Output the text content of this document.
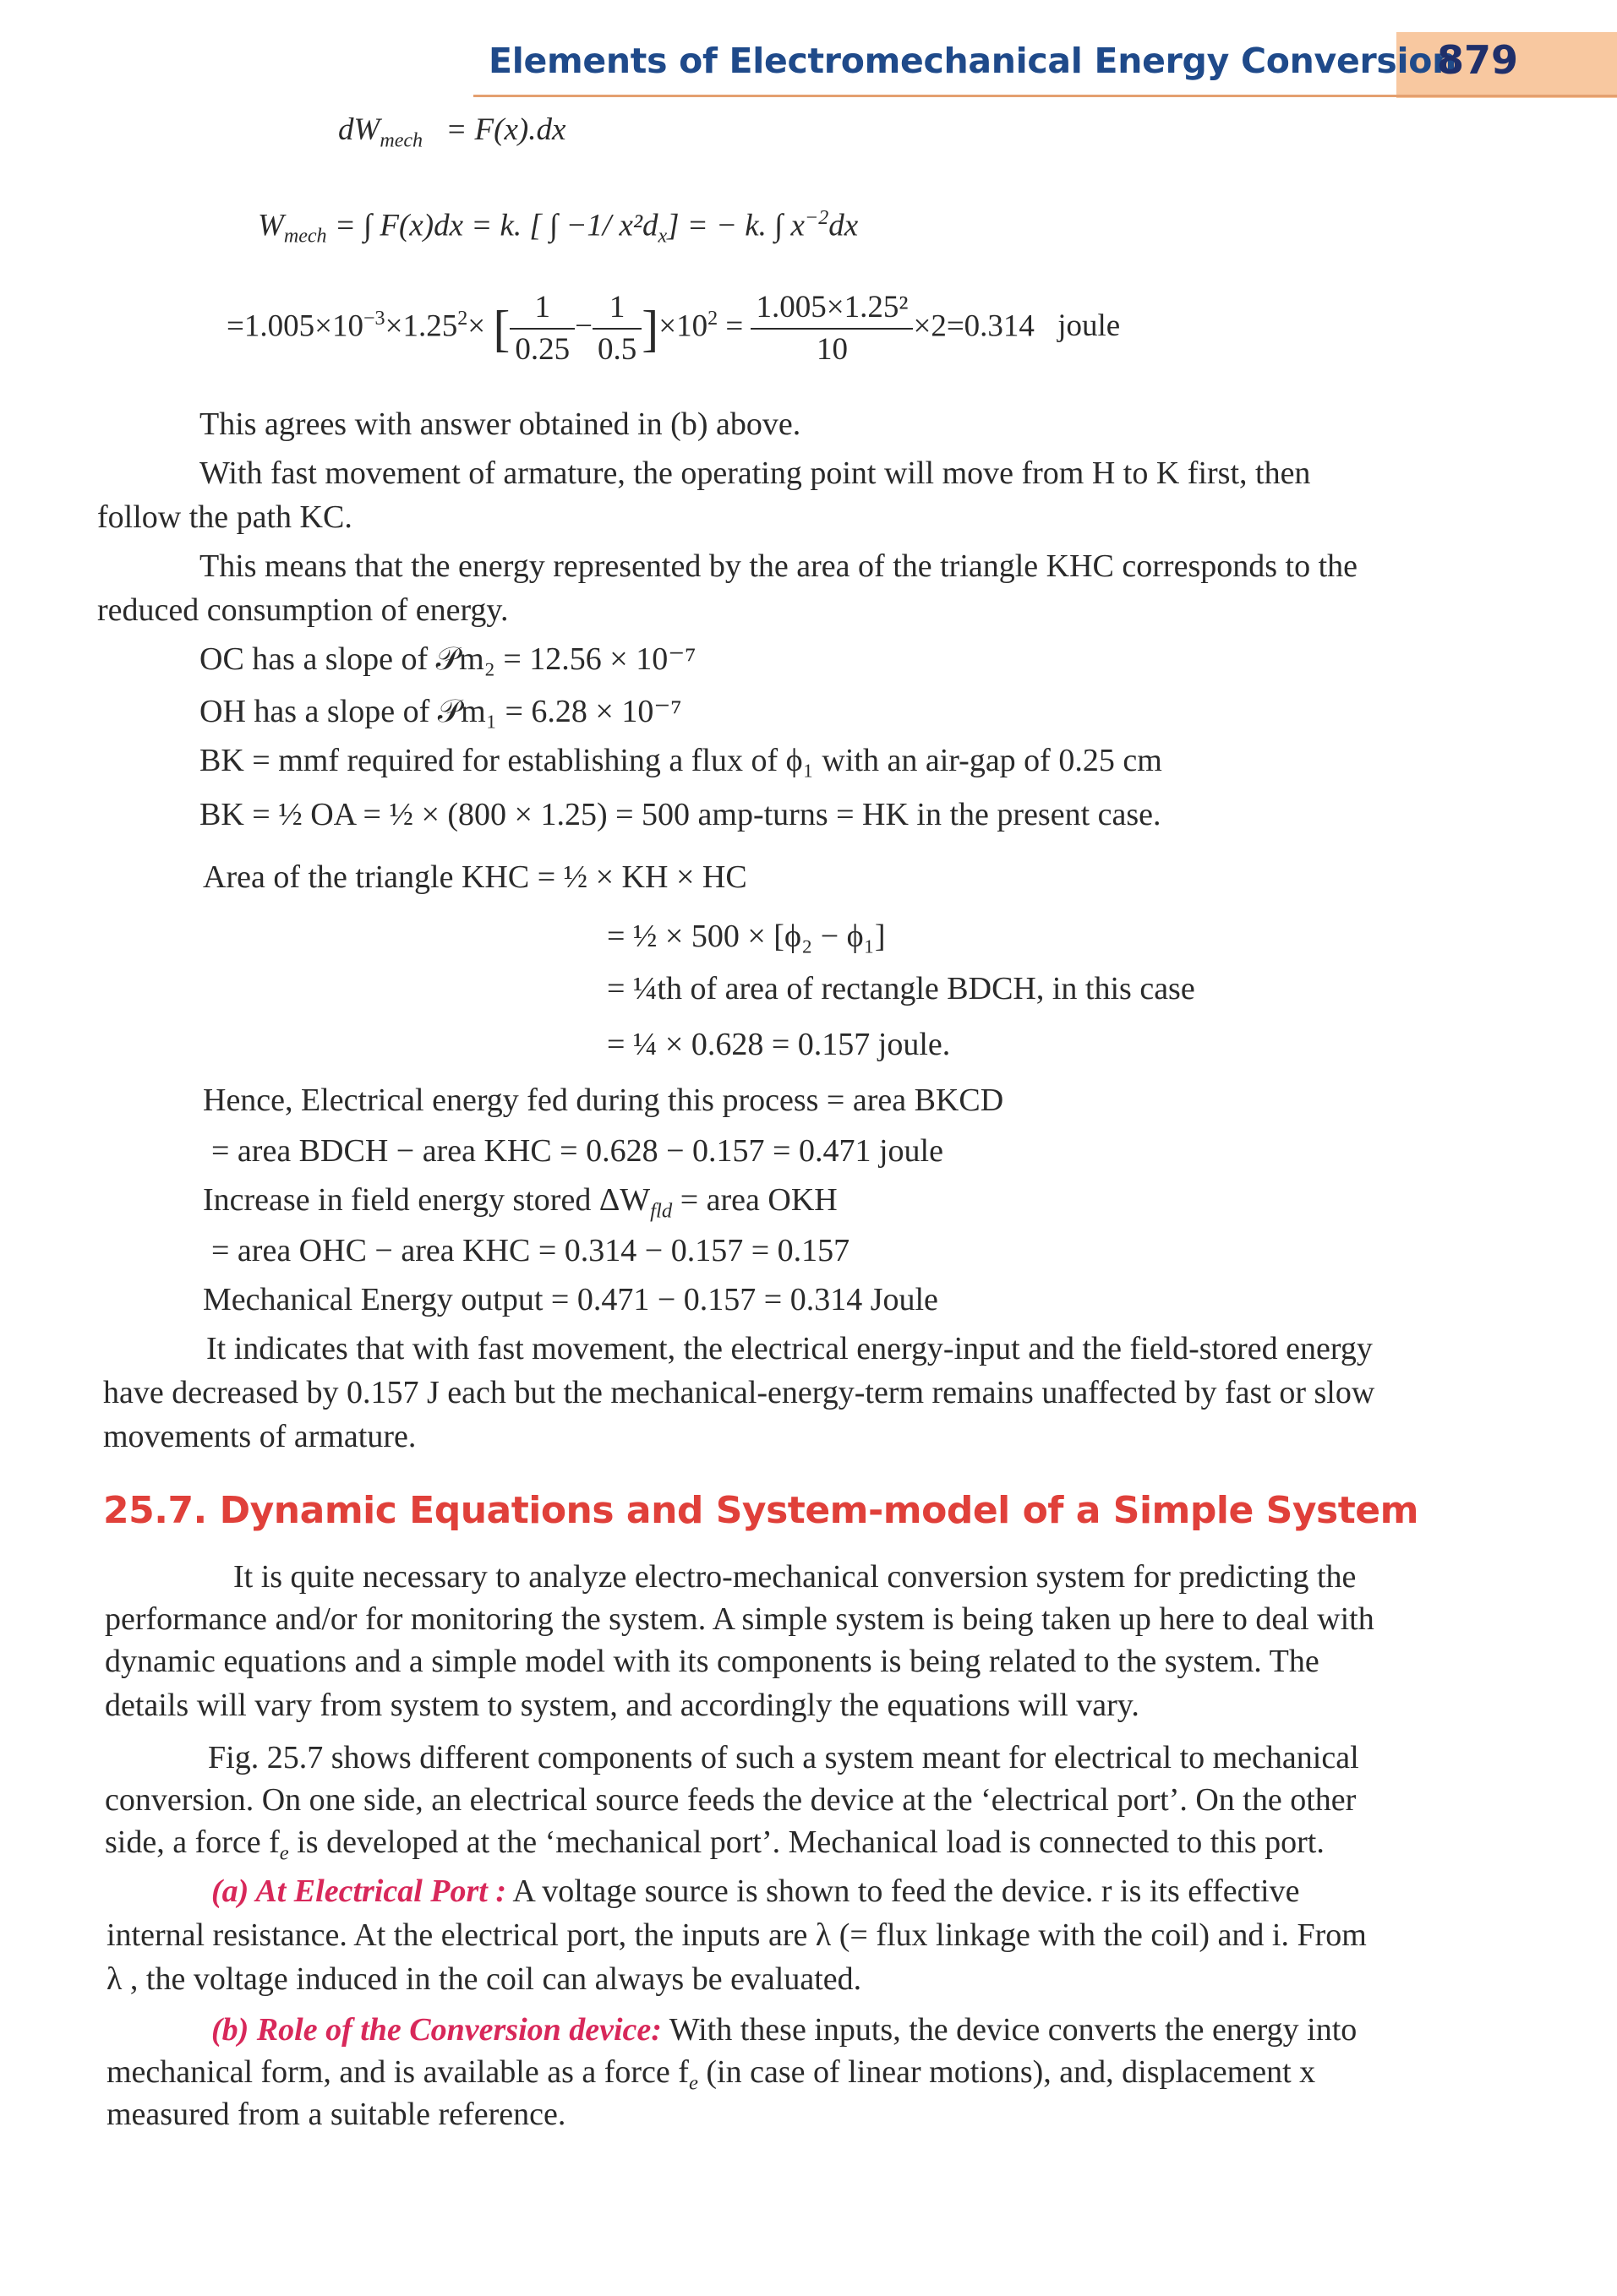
Elements of Electromechanical Energy Conversion
879
$dW_{mech} = F(x).dx$
$W_{mech}$ = ∫ F(x)dx = k. [ ∫ −1/ $x^2d_x$] = − k. ∫ $x^{-2}dx$
$=1.005\times 10^{-3}\times 1.25^2\times$ [ $\frac{1}{0.25} - \frac{1}{0.5} ]\times 10^2 = \frac{\text{1.005×1.25²}}{10} \times 2=0.314$ joule
This agrees with answer obtained in (b) above.
With fast movement of armature, the operating point will move from H to K first, then
follow the path KC.
This means that the energy represented by the area of the triangle KHC corresponds to the
reduced consumption of energy.
OC has a slope of 𝒫m₂ = 12.56 × 10⁻⁷
OH has a slope of 𝒫m₁ = 6.28 × 10⁻⁷
BK = mmf required for establishing a flux of ϕ₁ with an air-gap of 0.25 cm
BK = ½ OA = ½ × (800 × 1.25) = 500 amp-turns = HK in the present case.
Area of the triangle KHC = ½ × KH × HC
= ½ × 500 × [ϕ₂ − ϕ₁]
= ¼th of area of rectangle BDCH, in this case
= ¼ × 0.628 = 0.157 joule.
Hence, Electrical energy fed during this process = area BKCD
= area BDCH − area KHC = 0.628 − 0.157 = 0.471 joule
Increase in field energy stored $\Delta W_{fld}$ = area OKH
= area OHC − area KHC = 0.314 − 0.157 = 0.157
Mechanical Energy output = 0.471 − 0.157 = 0.314 Joule
It indicates that with fast movement, the electrical energy-input and the field-stored energy
have decreased by 0.157 J each but the mechanical-energy-term remains unaffected by fast or slow
movements of armature.
25.7. Dynamic Equations and System-model of a Simple System
It is quite necessary to analyze electro-mechanical conversion system for predicting the
performance and/or for monitoring the system. A simple system is being taken up here to deal with
dynamic equations and a simple model with its components is being related to the system. The
details will vary from system to system, and accordingly the equations will vary.
Fig. 25.7 shows different components of such a system meant for electrical to mechanical
conversion. On one side, an electrical source feeds the device at the ‘electrical port’. On the other
side, a force $f_e$ is developed at the ‘mechanical port’. Mechanical load is connected to this port.
(a) At Electrical Port : A voltage source is shown to feed the device. r is its effective
internal resistance. At the electrical port, the inputs are λ (= flux linkage with the coil) and i. From
λ , the voltage induced in the coil can always be evaluated.
(b) Role of the Conversion device: With these inputs, the device converts the energy into
mechanical form, and is available as a force $f_e$ (in case of linear motions), and, displacement x
measured from a suitable reference.
